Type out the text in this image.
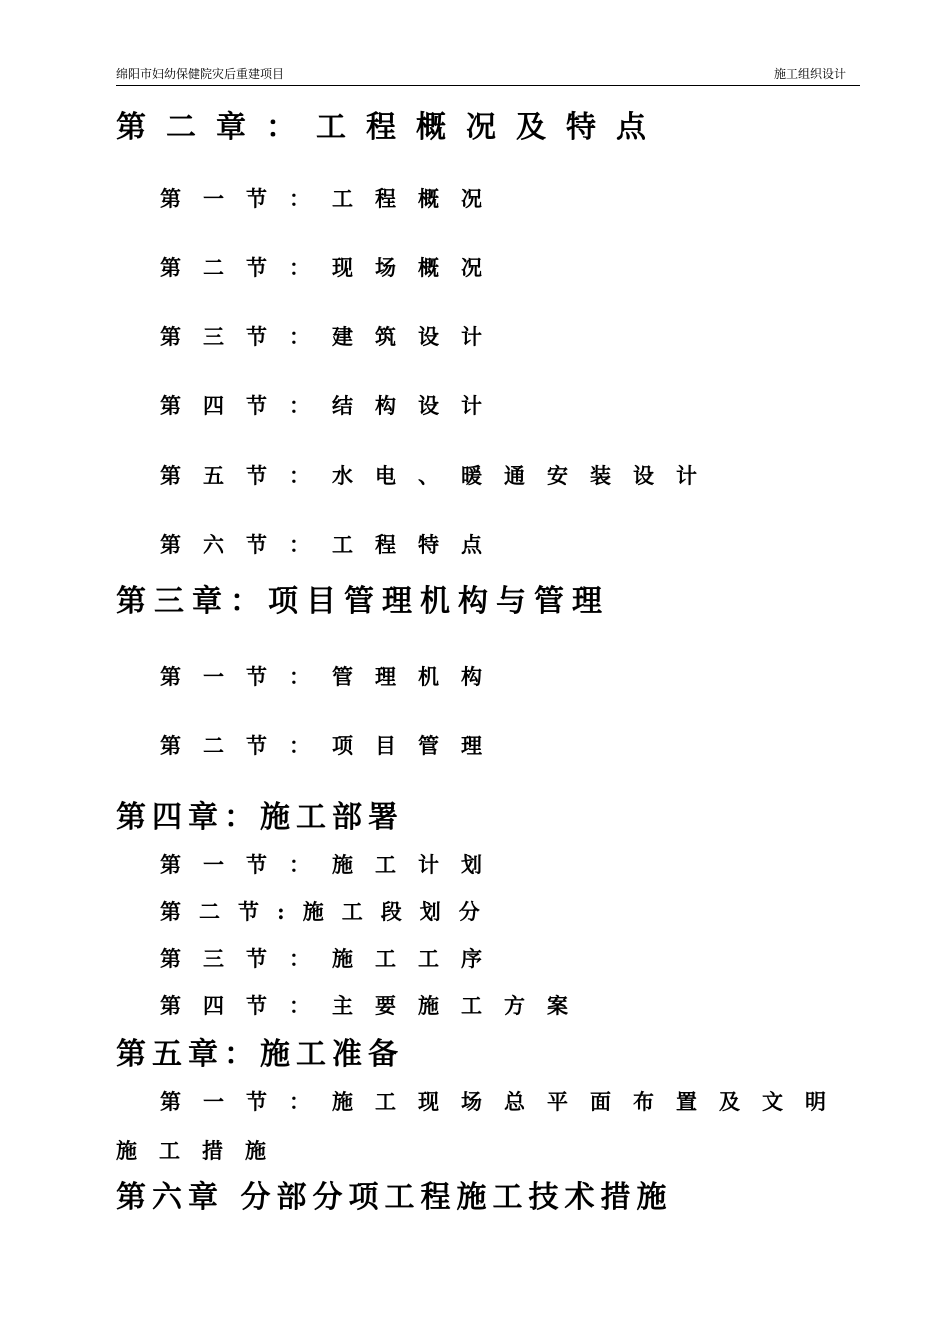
绵阳市妇幼保健院灾后重建项目	施工组织设计
第二章：工程概况及特点
第一节：工程概况
第二节：现场概况
第三节：建筑设计
第四节：结构设计
第五节：水电、暖通安装设计
第六节：工程特点
第三章：项目管理机构与管理
第一节：管理机构
第二节：项目管理
第四章：施工部署
第一节：施工计划
第二节:施工段划分
第三节：施工工序
第四节：主要施工方案
第五章：施工准备
第一节：施工现场总平面布置及文明
施工措施
第六章 分部分项工程施工技术措施
